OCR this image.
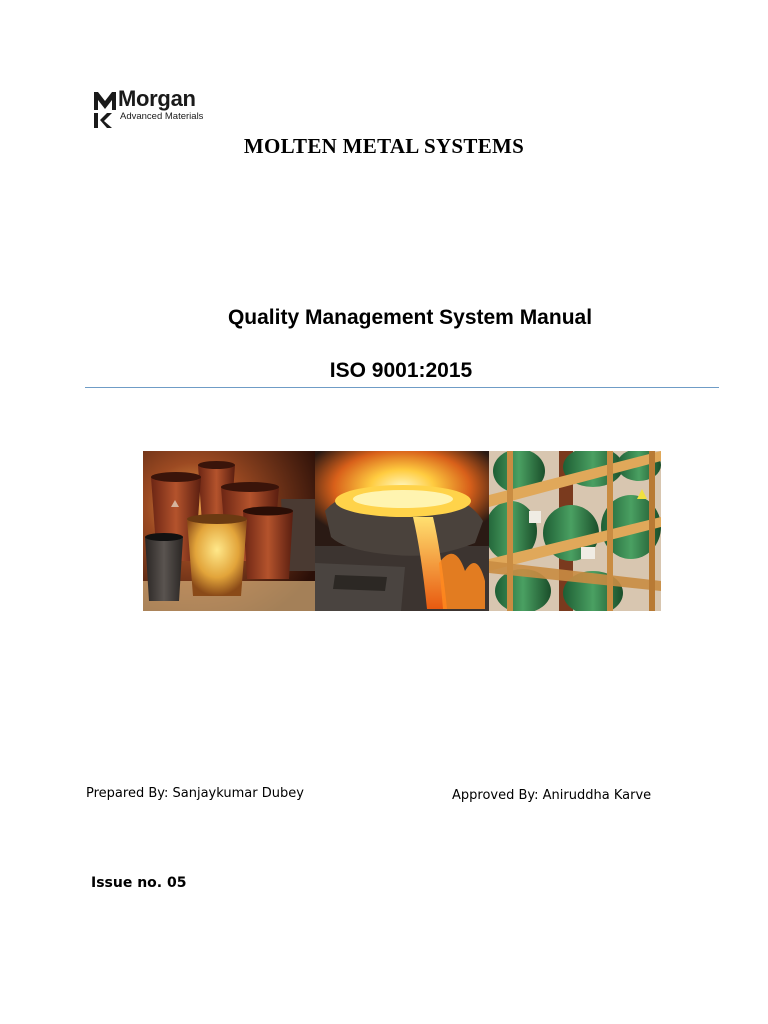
Morgan
Advanced Materials
MOLTEN METAL SYSTEMS
Quality Management System Manual
ISO 9001:2015
Prepared By: Sanjaykumar Dubey	Approved By: Aniruddha Karve
Issue no. 05
